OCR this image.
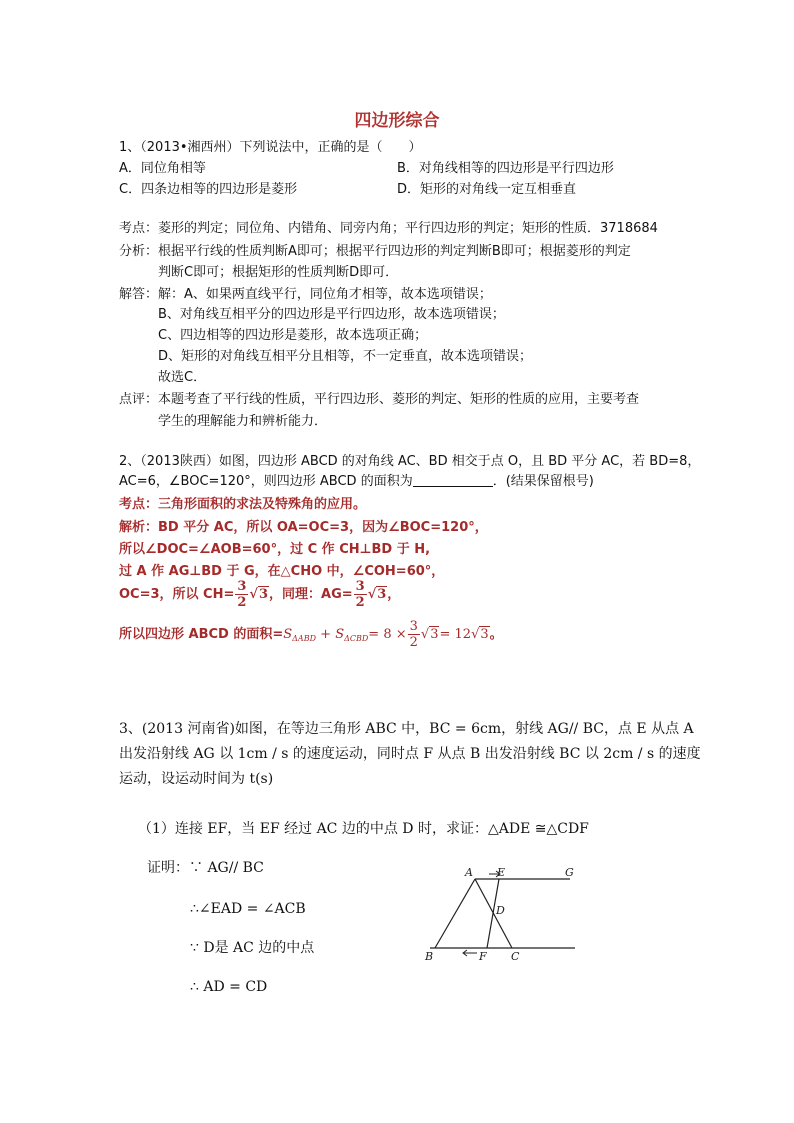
四边形综合
1、（2013•湘西州）下列说法中，正确的是（　　）
A．同位角相等	B．对角线相等的四边形是平行四边形
C．四条边相等的四边形是菱形	D．矩形的对角线一定互相垂直
考点：菱形的判定；同位角、内错角、同旁内角；平行四边形的判定；矩形的性质．3718684
分析：根据平行线的性质判断A即可；根据平行四边形的判定判断B即可；根据菱形的判定
判断C即可；根据矩形的性质判断D即可．
解答：解：A、如果两直线平行，同位角才相等，故本选项错误；
B、对角线互相平分的四边形是平行四边形，故本选项错误；
C、四边相等的四边形是菱形，故本选项正确；
D、矩形的对角线互相平分且相等，不一定垂直，故本选项错误；
故选C．
点评：本题考查了平行线的性质，平行四边形、菱形的判定、矩形的性质的应用，主要考查
学生的理解能力和辨析能力．
2、（2013陕西）如图，四边形 ABCD 的对角线 AC、BD 相交于点 O，且 BD 平分 AC，若 BD=8，
AC=6，∠BOC=120°，则四边形 ABCD 的面积为	．(结果保留根号)
考点：三角形面积的求法及特殊角的应用。
解析：BD 平分 AC，所以 OA=OC=3，因为∠BOC=120°，
所以∠DOC=∠AOB=60°，过 C 作 CH⊥BD 于 H,
过 A 作 AG⊥BD 于 G，在△CHO 中，∠COH=60°，
OC=3，所以 $CH= \frac{3}{2} √3$，同理：$AG= \frac{3}{2} √3$，
所以四边形 ABCD 的面积$=S_{\Delta ABD} + S_{\Delta CBD}= 8 \times \frac{3}{2} √3= 12√3$。
3、(2013 河南省)如图，在等边三角形 ABC 中，BC = 6cm，射线 AG// BC，点 E 从点 A
出发沿射线 AG 以 1cm / s 的速度运动，同时点 F 从点 B 出发沿射线 BC 以 2cm / s 的速度
运动，设运动时间为 t(s)
（1）连接 EF，当 EF 经过 AC 边的中点 D 时，求证：△ADE ≅△CDF
证明：∵ AG// BC
∴∠EAD = ∠ACB
∵ D是 AC 边的中点
∴ AD = CD
A E	G
D
B	F C
